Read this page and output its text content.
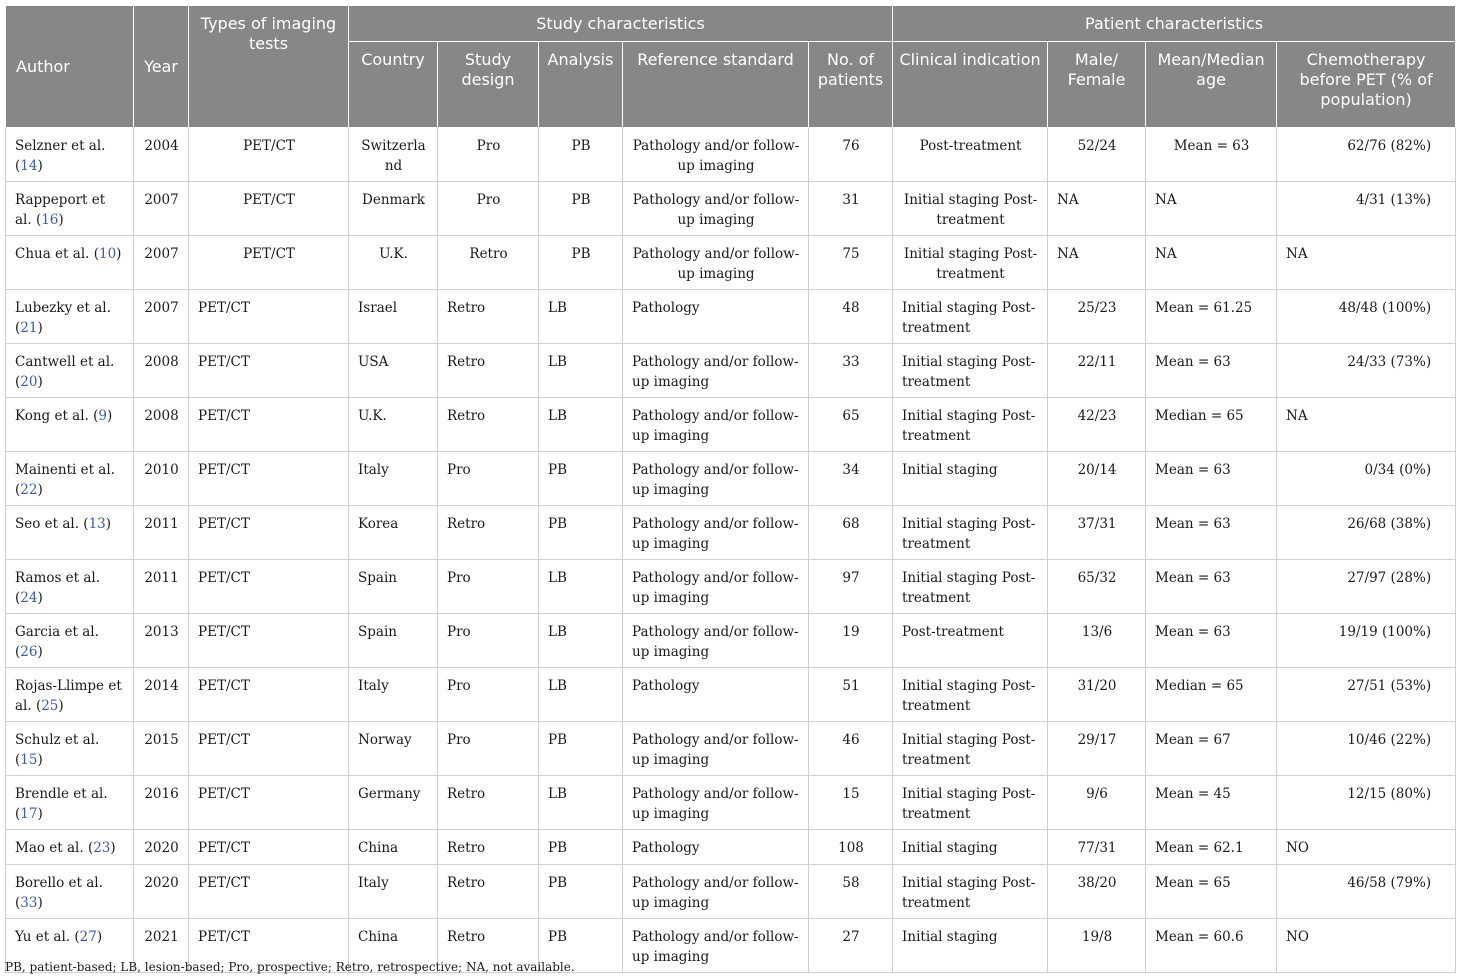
Author	Year	Types of imaging tests	Study characteristics					Patient characteristics			
			Country	Study design	Analysis	Reference standard	No. of patients	Clinical indication	Male/ Female	Mean/Median age	Chemotherapy before PET (% of population)
Selzner et al. (14)	2004	PET/CT	Switzerland	Pro	PB	Pathology and/or follow-up imaging	76	Post-treatment	52/24	Mean = 63	62/76 (82%)
Rappeport et al. (16)	2007	PET/CT	Denmark	Pro	PB	Pathology and/or follow-up imaging	31	Initial staging Post-treatment	NA	NA	4/31 (13%)
Chua et al. (10)	2007	PET/CT	U.K.	Retro	PB	Pathology and/or follow-up imaging	75	Initial staging Post-treatment	NA	NA	NA
Lubezky et al. (21)	2007	PET/CT	Israel	Retro	LB	Pathology	48	Initial staging Post-treatment	25/23	Mean = 61.25	48/48 (100%)
Cantwell et al. (20)	2008	PET/CT	USA	Retro	LB	Pathology and/or follow-up imaging	33	Initial staging Post-treatment	22/11	Mean = 63	24/33 (73%)
Kong et al. (9)	2008	PET/CT	U.K.	Retro	LB	Pathology and/or follow-up imaging	65	Initial staging Post-treatment	42/23	Median = 65	NA
Mainenti et al. (22)	2010	PET/CT	Italy	Pro	PB	Pathology and/or follow-up imaging	34	Initial staging	20/14	Mean = 63	0/34 (0%)
Seo et al. (13)	2011	PET/CT	Korea	Retro	PB	Pathology and/or follow-up imaging	68	Initial staging Post-treatment	37/31	Mean = 63	26/68 (38%)
Ramos et al. (24)	2011	PET/CT	Spain	Pro	LB	Pathology and/or follow-up imaging	97	Initial staging Post-treatment	65/32	Mean = 63	27/97 (28%)
Garcia et al. (26)	2013	PET/CT	Spain	Pro	LB	Pathology and/or follow-up imaging	19	Post-treatment	13/6	Mean = 63	19/19 (100%)
Rojas-Llimpe et al. (25)	2014	PET/CT	Italy	Pro	LB	Pathology	51	Initial staging Post-treatment	31/20	Median = 65	27/51 (53%)
Schulz et al. (15)	2015	PET/CT	Norway	Pro	PB	Pathology and/or follow-up imaging	46	Initial staging Post-treatment	29/17	Mean = 67	10/46 (22%)
Brendle et al. (17)	2016	PET/CT	Germany	Retro	LB	Pathology and/or follow-up imaging	15	Initial staging Post-treatment	9/6	Mean = 45	12/15 (80%)
Mao et al. (23)	2020	PET/CT	China	Retro	PB	Pathology	108	Initial staging	77/31	Mean = 62.1	NO
Borello et al. (33)	2020	PET/CT	Italy	Retro	PB	Pathology and/or follow-up imaging	58	Initial staging Post-treatment	38/20	Mean = 65	46/58 (79%)
Yu et al. (27)	2021	PET/CT	China	Retro	PB	Pathology and/or follow-up imaging	27	Initial staging	19/8	Mean = 60.6	NO
PB, patient-based; LB, lesion-based; Pro, prospective; Retro, retrospective; NA, not available.
